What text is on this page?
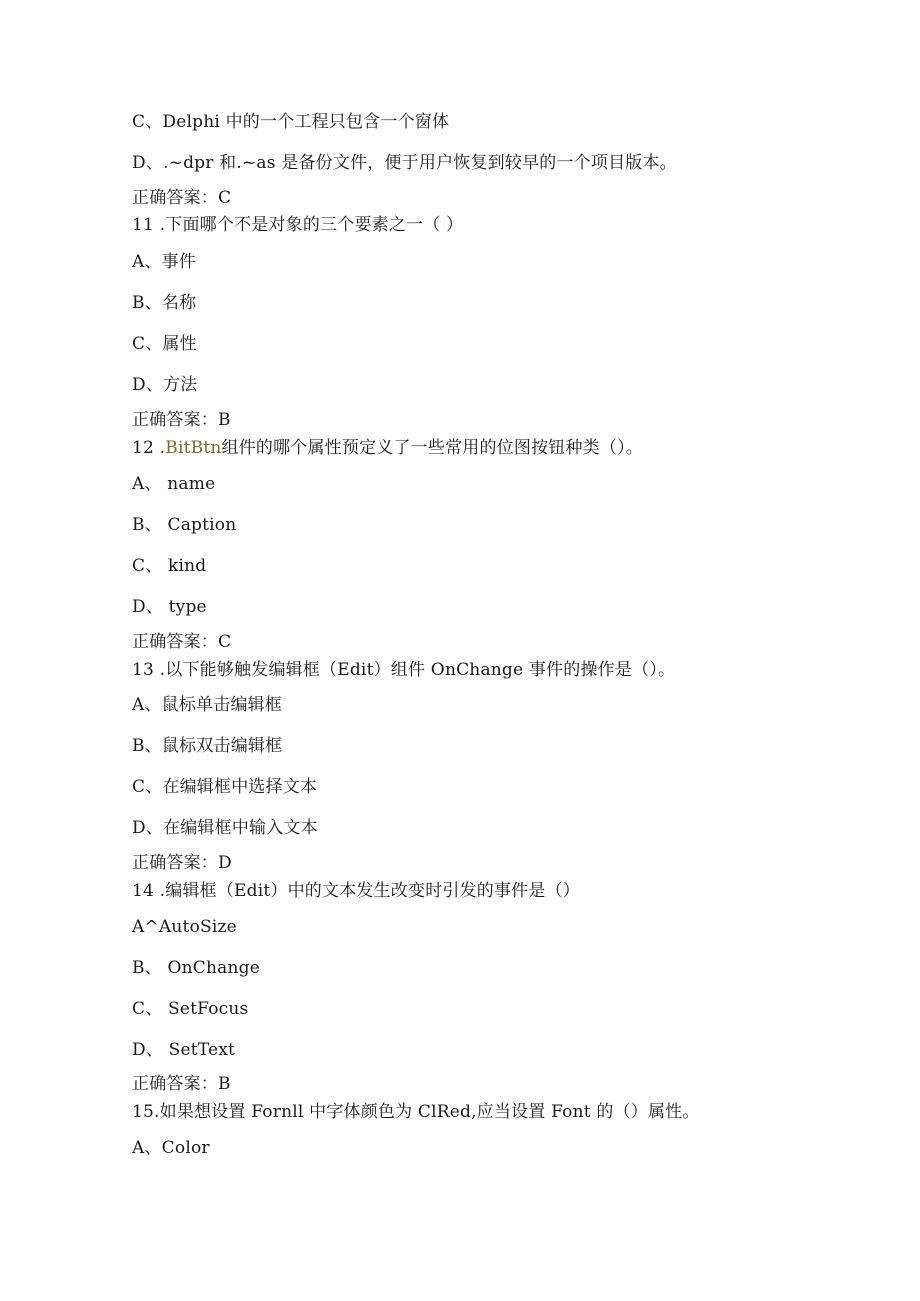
C、Delphi 中的一个工程只包含一个窗体
D、.~dpr 和.~as 是备份文件，便于用户恢复到较早的一个项目版本。
正确答案：C
11 .下面哪个不是对象的三个要素之一（ ）
A、事件
B、名称
C、属性
D、方法
正确答案：B
12 .BitBtn组件的哪个属性预定义了一些常用的位图按钮种类（）。
A、 name
B、 Caption
C、 kind
D、 type
正确答案：C
13 .以下能够触发编辑框（Edit）组件 OnChange 事件的操作是（）。
A、鼠标单击编辑框
B、鼠标双击编辑框
C、在编辑框中选择文本
D、在编辑框中输入文本
正确答案：D
14 .编辑框（Edit）中的文本发生改变时引发的事件是（）
A^AutoSize
B、 OnChange
C、 SetFocus
D、 SetText
正确答案：B
15.如果想设置 Fornll 中字体颜色为 ClRed,应当设置 Font 的（）属性。
A、Color
